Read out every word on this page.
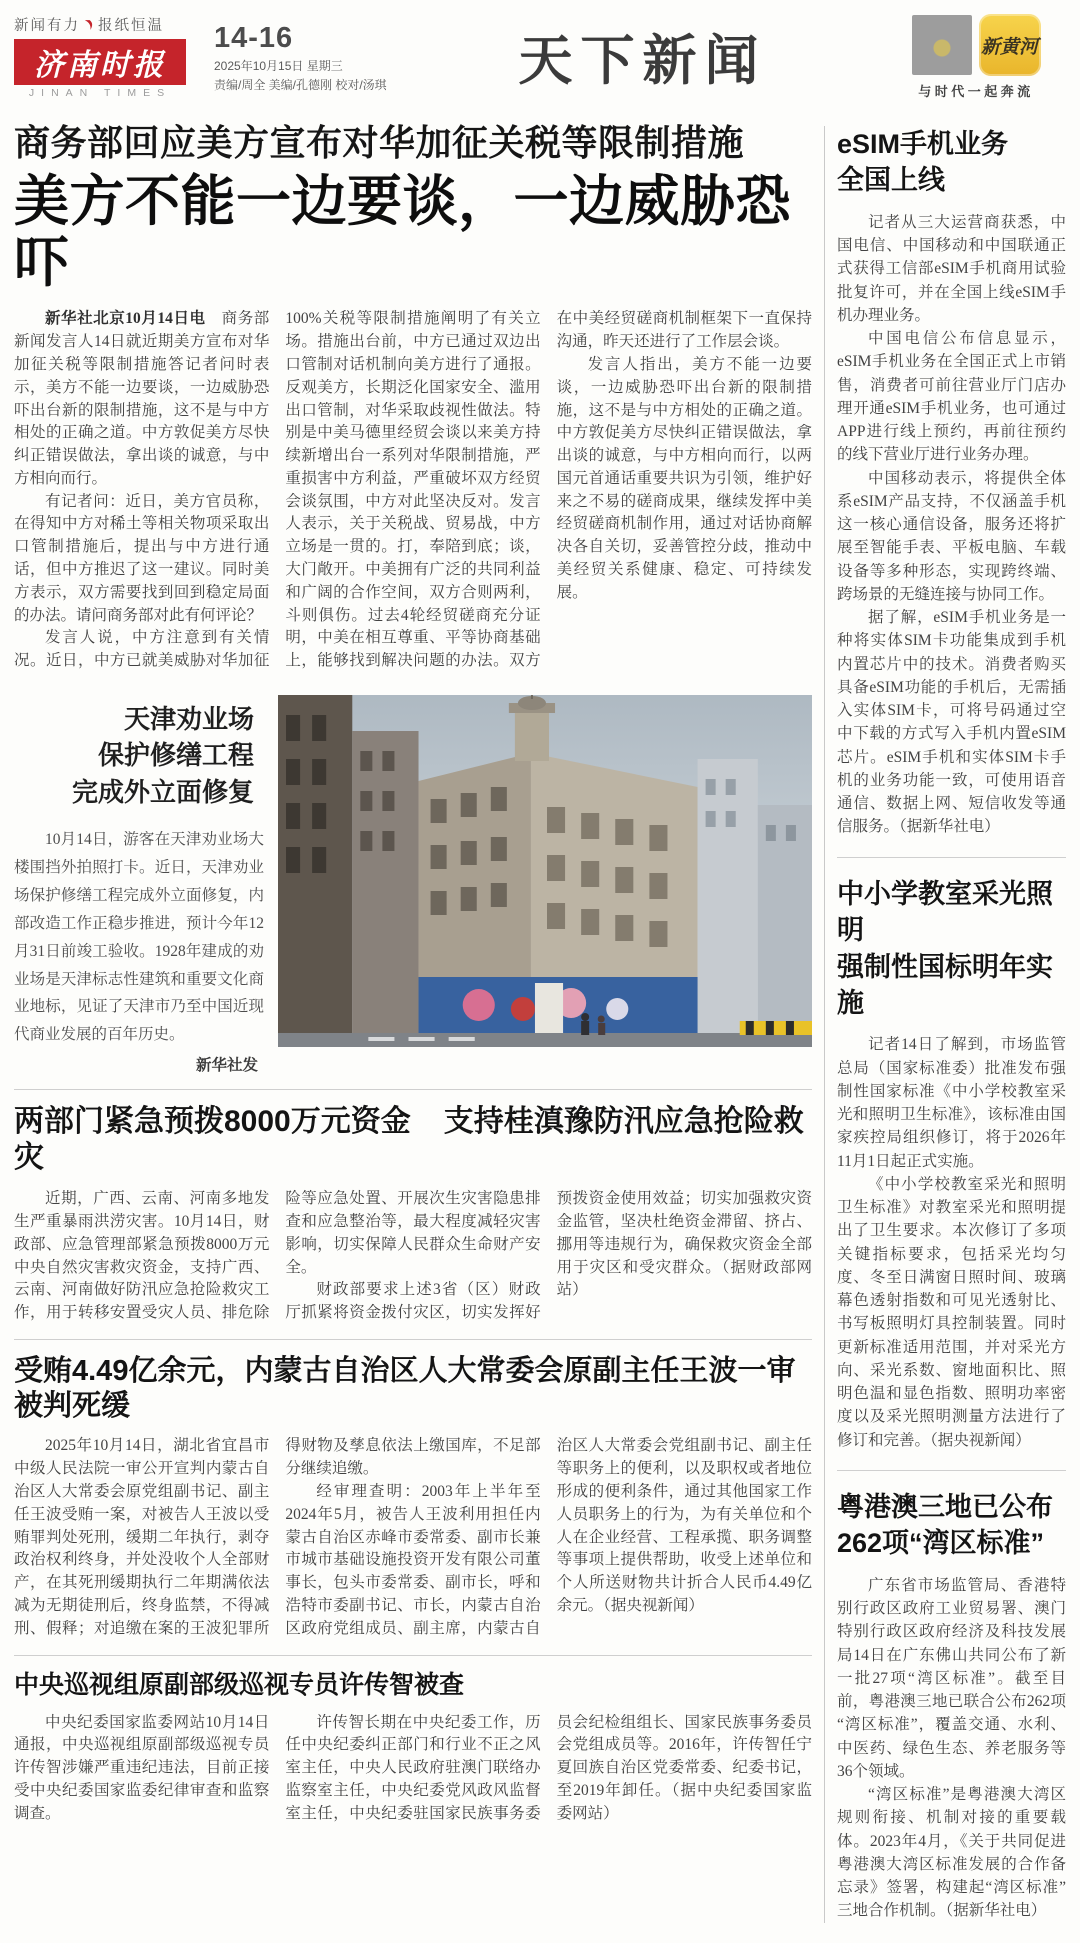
新闻有力 报纸恒温
济南时报
JINAN TIMES
14-16
2025年10月15日 星期三
责编/周全 美编/孔德刚 校对/汤琪	天下新闻	新黄河
与时代一起奔流
商务部回应美方宣布对华加征关税等限制措施
美方不能一边要谈，一边威胁恐吓

新华社北京10月14日电　商务部新闻发言人14日就近期美方宣布对华加征关税等限制措施答记者问时表示，美方不能一边要谈，一边威胁恐吓出台新的限制措施，这不是与中方相处的正确之道。中方敦促美方尽快纠正错误做法，拿出谈的诚意，与中方相向而行。

有记者问：近日，美方官员称，在得知中方对稀土等相关物项采取出口管制措施后，提出与中方进行通话，但中方推迟了这一建议。同时美方表示，双方需要找到回到稳定局面的办法。请问商务部对此有何评论？

发言人说，中方注意到有关情况。近日，中方已就美威胁对华加征100%关税等限制措施阐明了有关立场。措施出台前，中方已通过双边出口管制对话机制向美方进行了通报。反观美方，长期泛化国家安全、滥用出口管制，对华采取歧视性做法。特别是中美马德里经贸会谈以来美方持续新增出台一系列对华限制措施，严重损害中方利益，严重破坏双方经贸会谈氛围，中方对此坚决反对。发言人表示，关于关税战、贸易战，中方立场是一贯的。打，奉陪到底；谈，大门敞开。中美拥有广泛的共同利益和广阔的合作空间，双方合则两利，斗则俱伤。过去4轮经贸磋商充分证明，中美在相互尊重、平等协商基础上，能够找到解决问题的办法。双方在中美经贸磋商机制框架下一直保持沟通，昨天还进行了工作层会谈。

发言人指出，美方不能一边要谈，一边威胁恐吓出台新的限制措施，这不是与中方相处的正确之道。中方敦促美方尽快纠正错误做法，拿出谈的诚意，与中方相向而行，以两国元首通话重要共识为引领，维护好来之不易的磋商成果，继续发挥中美经贸磋商机制作用，通过对话协商解决各自关切，妥善管控分歧，推动中美经贸关系健康、稳定、可持续发展。

天津劝业场
保护修缮工程
完成外立面修复

10月14日，游客在天津劝业场大楼围挡外拍照打卡。近日，天津劝业场保护修缮工程完成外立面修复，内部改造工作正稳步推进，预计今年12月31日前竣工验收。1928年建成的劝业场是天津标志性建筑和重要文化商业地标，见证了天津市乃至中国近现代商业发展的百年历史。

新华社发
两部门紧急预拨8000万元资金 支持桂滇豫防汛应急抢险救灾

近期，广西、云南、河南多地发生严重暴雨洪涝灾害。10月14日，财政部、应急管理部紧急预拨8000万元中央自然灾害救灾资金，支持广西、云南、河南做好防汛应急抢险救灾工作，用于转移安置受灾人员、排危除险等应急处置、开展次生灾害隐患排查和应急整治等，最大程度减轻灾害影响，切实保障人民群众生命财产安全。

财政部要求上述3省（区）财政厅抓紧将资金拨付灾区，切实发挥好预拨资金使用效益；切实加强救灾资金监管，坚决杜绝资金滞留、挤占、挪用等违规行为，确保救灾资金全部用于灾区和受灾群众。（据财政部网站）

受贿4.49亿余元，内蒙古自治区人大常委会原副主任王波一审被判死缓

2025年10月14日，湖北省宜昌市中级人民法院一审公开宣判内蒙古自治区人大常委会原党组副书记、副主任王波受贿一案，对被告人王波以受贿罪判处死刑，缓期二年执行，剥夺政治权利终身，并处没收个人全部财产，在其死刑缓期执行二年期满依法减为无期徒刑后，终身监禁，不得减刑、假释；对追缴在案的王波犯罪所得财物及孳息依法上缴国库，不足部分继续追缴。

经审理查明：2003年上半年至2024年5月，被告人王波利用担任内蒙古自治区赤峰市委常委、副市长兼市城市基础设施投资开发有限公司董事长，包头市委常委、副市长，呼和浩特市委副书记、市长，内蒙古自治区政府党组成员、副主席，内蒙古自治区人大常委会党组副书记、副主任等职务上的便利，以及职权或者地位形成的便利条件，通过其他国家工作人员职务上的行为，为有关单位和个人在企业经营、工程承揽、职务调整等事项上提供帮助，收受上述单位和个人所送财物共计折合人民币4.49亿余元。（据央视新闻）

中央巡视组原副部级巡视专员许传智被查

中央纪委国家监委网站10月14日通报，中央巡视组原副部级巡视专员许传智涉嫌严重违纪违法，目前正接受中央纪委国家监委纪律审查和监察调查。

许传智长期在中央纪委工作，历任中央纪委纠正部门和行业不正之风室主任，中央人民政府驻澳门联络办监察室主任，中央纪委党风政风监督室主任，中央纪委驻国家民族事务委员会纪检组组长、国家民族事务委员会党组成员等。2016年，许传智任宁夏回族自治区党委常委、纪委书记，至2019年卸任。（据中央纪委国家监委网站）

eSIM手机业务
全国上线

记者从三大运营商获悉，中国电信、中国移动和中国联通正式获得工信部eSIM手机商用试验批复许可，并在全国上线eSIM手机办理业务。

中国电信公布信息显示，eSIM手机业务在全国正式上市销售，消费者可前往营业厅门店办理开通eSIM手机业务，也可通过APP进行线上预约，再前往预约的线下营业厅进行业务办理。

中国移动表示，将提供全体系eSIM产品支持，不仅涵盖手机这一核心通信设备，服务还将扩展至智能手表、平板电脑、车载设备等多种形态，实现跨终端、跨场景的无缝连接与协同工作。

据了解，eSIM手机业务是一种将实体SIM卡功能集成到手机内置芯片中的技术。消费者购买具备eSIM功能的手机后，无需插入实体SIM卡，可将号码通过空中下载的方式写入手机内置eSIM芯片。eSIM手机和实体SIM卡手机的业务功能一致，可使用语音通信、数据上网、短信收发等通信服务。（据新华社电）

中小学教室采光照明
强制性国标明年实施

记者14日了解到，市场监管总局（国家标准委）批准发布强制性国家标准《中小学校教室采光和照明卫生标准》，该标准由国家疾控局组织修订，将于2026年11月1日起正式实施。

《中小学校教室采光和照明卫生标准》对教室采光和照明提出了卫生要求。本次修订了多项关键指标要求，包括采光均匀度、冬至日满窗日照时间、玻璃幕色透射指数和可见光透射比、书写板照明灯具控制装置。同时更新标准适用范围，并对采光方向、采光系数、窗地面积比、照明色温和显色指数、照明功率密度以及采光照明测量方法进行了修订和完善。（据央视新闻）

粤港澳三地已公布
262项“湾区标准”

广东省市场监管局、香港特别行政区政府工业贸易署、澳门特别行政区政府经济及科技发展局14日在广东佛山共同公布了新一批27项“湾区标准”。截至目前，粤港澳三地已联合公布262项“湾区标准”，覆盖交通、水利、中医药、绿色生态、养老服务等36个领域。

“湾区标准”是粤港澳大湾区规则衔接、机制对接的重要载体。2023年4月，《关于共同促进粤港澳大湾区标准发展的合作备忘录》签署，构建起“湾区标准”三地合作机制。（据新华社电）
